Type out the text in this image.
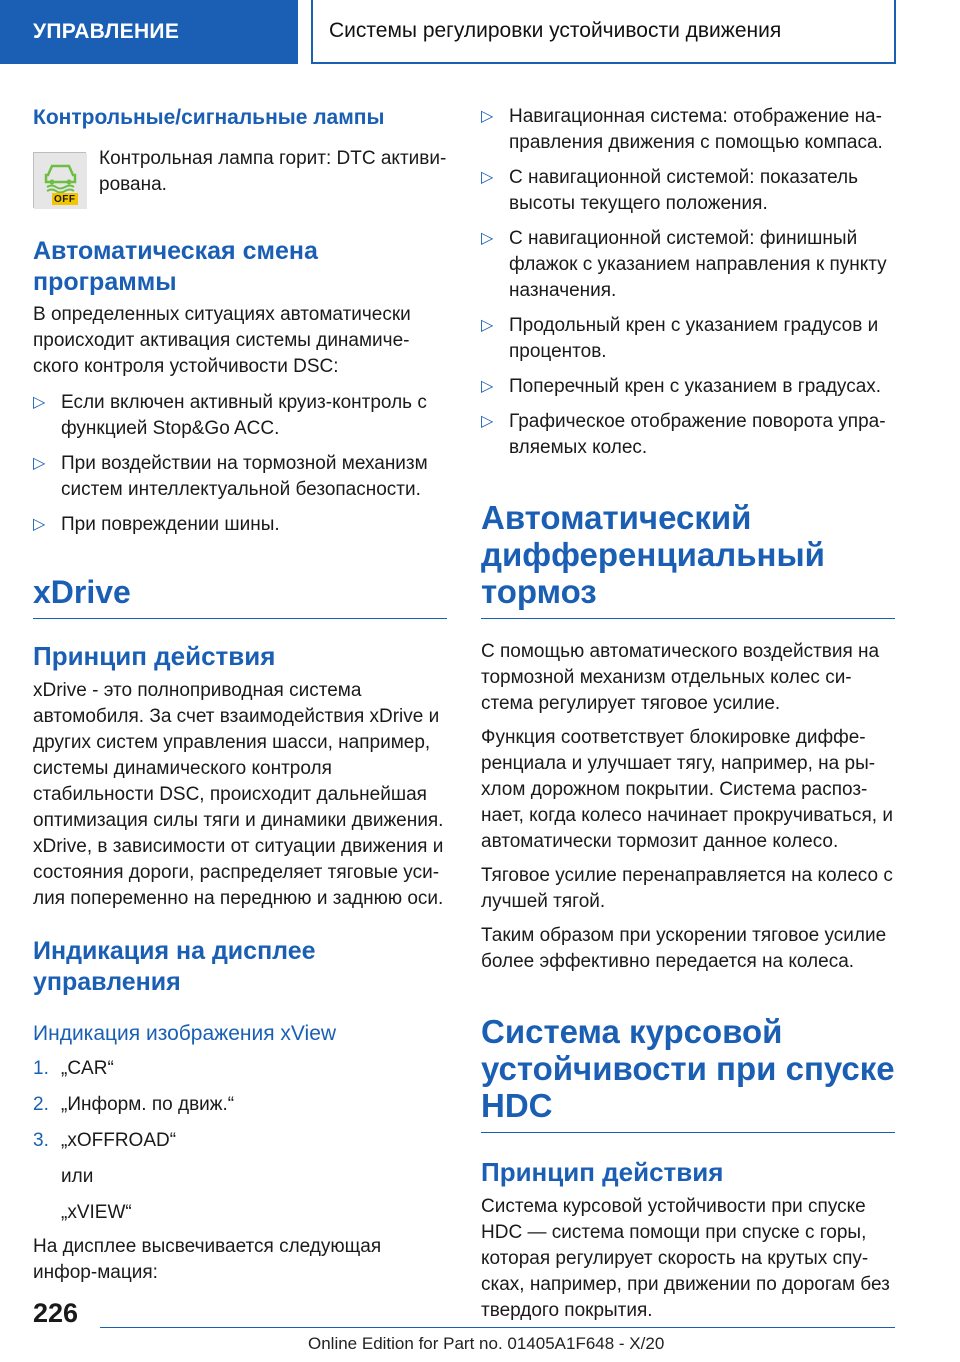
УПРАВЛЕНИЕ	Системы регулировки устойчивости движения
Контрольные/сигнальные лампы
OFF
Контрольная лампа горит: DTC активи-рована.
Автоматическая смена программы

В определенных ситуациях автоматически происходит активация системы динамиче-ского контроля устойчивости DSC:

▷ Если включен активный круиз-контроль с функцией Stop&Go ACC.
▷ При воздействии на тормозной механизм систем интеллектуальной безопасности.
▷ При повреждении шины.
xDrive
Принцип действия

xDrive - это полноприводная система автомобиля. За счет взаимодействия xDrive и других систем управления шасси, например, системы динамического контроля стабильности DSC, происходит дальнейшая оптимизация силы тяги и динамики движения. xDrive, в зависимости от ситуации движения и состояния дороги, распределяет тяговые уси-лия попеременно на переднюю и заднюю оси.

Индикация на дисплее управления
Индикация изображения xView
1. „CAR“
2. „Информ. по движ.“
3. „xOFFROAD“
или
„xVIEW“

На дисплее высвечивается следующая инфор-мация:

▷ Навигационная система: отображение на-правления движения с помощью компаса.
▷ С навигационной системой: показатель высоты текущего положения.
▷ С навигационной системой: финишный флажок с указанием направления к пункту назначения.
▷ Продольный крен с указанием градусов и процентов.
▷ Поперечный крен с указанием в градусах.
▷ Графическое отображение поворота упра-вляемых колес.
Автоматический дифференциальный тормоз

С помощью автоматического воздействия на тормозной механизм отдельных колес си-стема регулирует тяговое усилие.

Функция соответствует блокировке диффе-ренциала и улучшает тягу, например, на ры-хлом дорожном покрытии. Система распоз-нает, когда колесо начинает прокручиваться, и автоматически тормозит данное колесо.

Тяговое усилие перенаправляется на колесо с лучшей тягой.

Таким образом при ускорении тяговое усилие более эффективно передается на колеса.

Система курсовой устойчивости при спуске HDC
Принцип действия

Система курсовой устойчивости при спуске HDC — система помощи при спуске с горы, которая регулирует скорость на крутых спу-сках, например, при движении по дорогам без твердого покрытия.

226
Online Edition for Part no. 01405A1F648 - X/20
